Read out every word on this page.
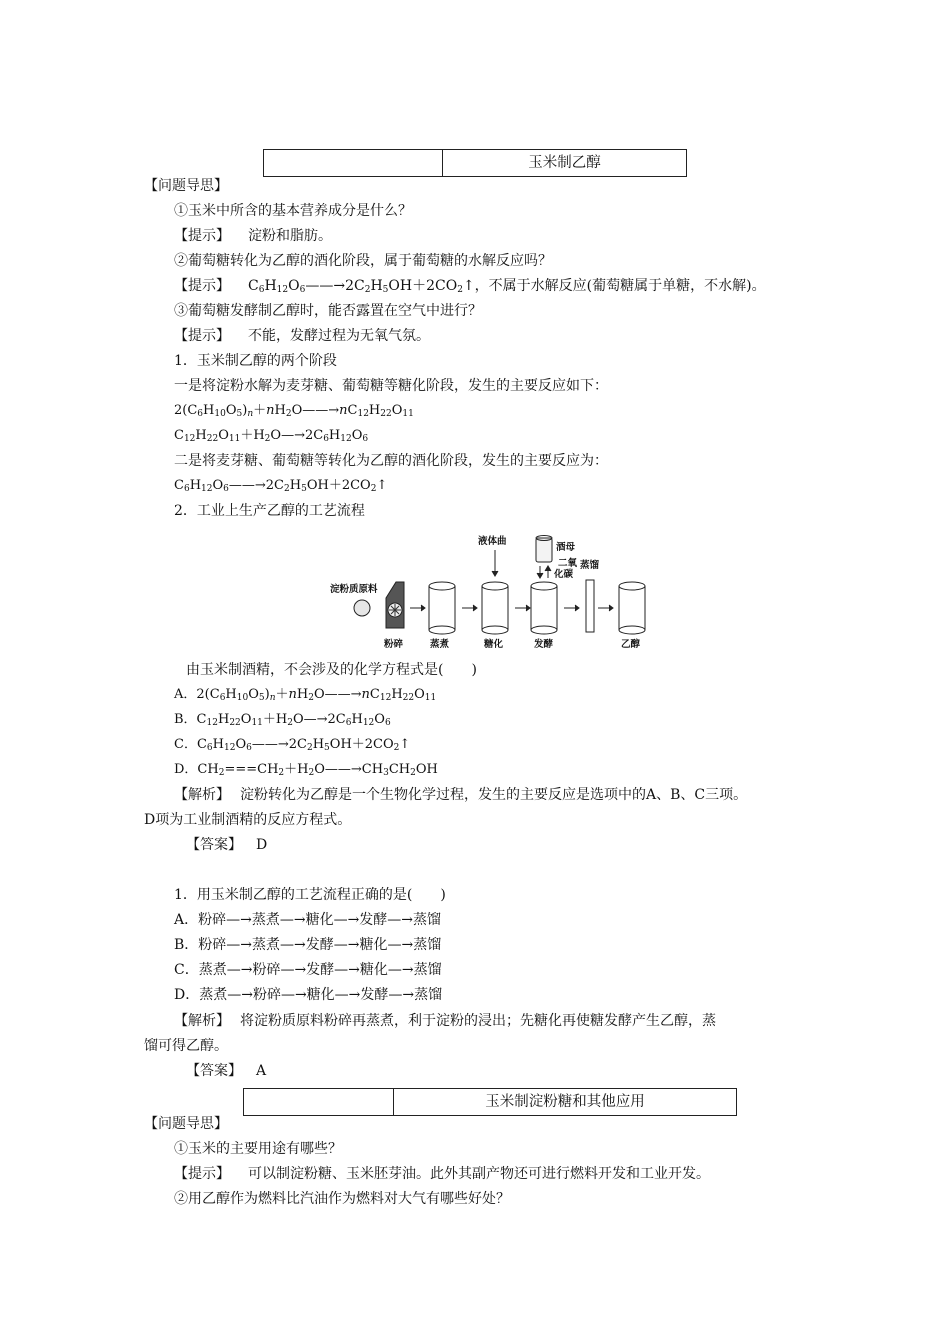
玉米制乙醇
【问题导思】
①玉米中所含的基本营养成分是什么？
【提示】 淀粉和脂肪。
②葡萄糖转化为乙醇的酒化阶段，属于葡萄糖的水解反应吗？
【提示】 $C_6H_{12}O_6——\to 2C_2H_5OH+2CO_2↑$，不属于水解反应(葡萄糖属于单糖，不水解)。
③葡萄糖发酵制乙醇时，能否露置在空气中进行？
【提示】 不能，发酵过程为无氧气氛。
1．玉米制乙醇的两个阶段
一是将淀粉水解为麦芽糖、葡萄糖等糖化阶段，发生的主要反应如下：
$2(C_6H_{10}O_5)_n+nH_2O——\to nC_{12}H_{22}O_{11}$
$C_{12}H_{22}O_{11}+H_2O—\to 2C_6H_{12}O_6$
二是将麦芽糖、葡萄糖等转化为乙醇的酒化阶段，发生的主要反应为：
$C_6H_{12}O_6——\to 2C_2H_5OH+2CO_2↑$
2．工业上生产乙醇的工艺流程
淀粉质原料
液体曲
酒母
二氧
化碳
蒸馏
粉碎	蒸煮	糖化	发酵	乙醇
由玉米制酒精，不会涉及的化学方程式是(　　)
A．$2(C_6H_{10}O_5)_n+nH_2O——\to nC_{12}H_{22}O_{11}$
B．$C_{12}H_{22}O_{11}+H_2O—\to 2C_6H_{12}O_6$
C．$C_6H_{12}O_6——\to 2C_2H_5OH+2CO_2↑$
D．$CH_2===CH_2+H_2O——\to CH_3CH_2OH$
【解析】 淀粉转化为乙醇是一个生物化学过程，发生的主要反应是选项中的A、B、C三项。
D项为工业制酒精的反应方程式。
【答案】 D
1．用玉米制乙醇的工艺流程正确的是(　　)
A．粉碎—→蒸煮—→糖化—→发酵—→蒸馏
B．粉碎—→蒸煮—→发酵—→糖化—→蒸馏
C．蒸煮—→粉碎—→发酵—→糖化—→蒸馏
D．蒸煮—→粉碎—→糖化—→发酵—→蒸馏
【解析】 将淀粉质原料粉碎再蒸煮，利于淀粉的浸出；先糖化再使糖发酵产生乙醇，蒸
馏可得乙醇。
【答案】 A
玉米制淀粉糖和其他应用
【问题导思】
①玉米的主要用途有哪些？
【提示】 可以制淀粉糖、玉米胚芽油。此外其副产物还可进行燃料开发和工业开发。
②用乙醇作为燃料比汽油作为燃料对大气有哪些好处？
